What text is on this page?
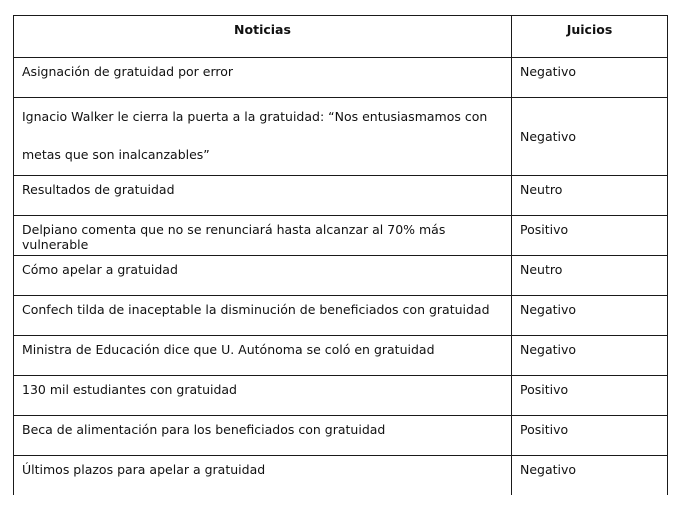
Noticias	Juicios
Asignación de gratuidad por error	Negativo
Ignacio Walker le cierra la puerta a la gratuidad: “Nos entusiasmamos con metas que son inalcanzables”	Negativo
Resultados de gratuidad	Neutro
Delpiano comenta que no se renunciará hasta alcanzar al 70% más vulnerable	Positivo
Cómo apelar a gratuidad	Neutro
Confech tilda de inaceptable la disminución de beneficiados con gratuidad	Negativo
Ministra de Educación dice que U. Autónoma se coló en gratuidad	Negativo
130 mil estudiantes con gratuidad	Positivo
Beca de alimentación para los beneficiados con gratuidad	Positivo
Últimos plazos para apelar a gratuidad	Negativo
